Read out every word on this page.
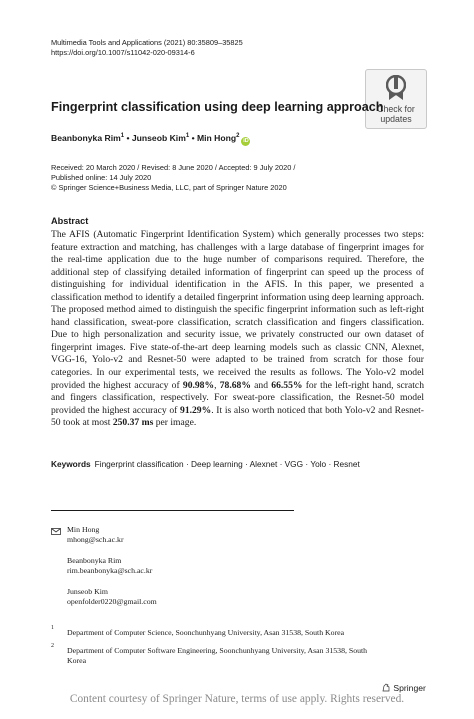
Multimedia Tools and Applications (2021) 80:35809–35825
https://doi.org/10.1007/s11042-020-09314-6
Check for
updates
Fingerprint classification using deep learning approach
Beanbonyka Rim$^1$ • Junseob Kim$^1$ • Min Hong$^2$iD
Received: 20 March 2020 / Revised: 8 June 2020 / Accepted: 9 July 2020 /
Published online: 14 July 2020
© Springer Science+Business Media, LLC, part of Springer Nature 2020
Abstract
The AFIS (Automatic Fingerprint Identification System) which generally processes two steps: feature extraction and matching, has challenges with a large database of fingerprint images for the real-time application due to the huge number of comparisons required. Therefore, the additional step of classifying detailed information of fingerprint can speed up the process of distinguishing for individual identification in the AFIS. In this paper, we presented a classification method to identify a detailed fingerprint information using deep learning approach. The proposed method aimed to distinguish the specific fingerprint information such as left-right hand classification, sweat-pore classification, scratch classification and fingers classification. Due to high personalization and security issue, we privately constructed our own dataset of fingerprint images. Five state-of-the-art deep learning models such as classic CNN, Alexnet, VGG-16, Yolo-v2 and Resnet-50 were adapted to be trained from scratch for those four categories. In our experimental tests, we received the results as follows. The Yolo-v2 model provided the highest accuracy of 90.98%, 78.68% and 66.55% for the left-right hand, scratch and fingers classification, respectively. For sweat-pore classification, the Resnet-50 model provided the highest accuracy of 91.29%. It is also worth noticed that both Yolo-v2 and Resnet-50 took at most 250.37 ms per image.
Keywords Fingerprint classification · Deep learning · Alexnet · VGG · Yolo · Resnet
Min Hong
mhong@sch.ac.kr
Beanbonyka Rim
rim.beanbonyka@sch.ac.kr
Junseob Kim
openfolder0220@gmail.com
1 Department of Computer Science, Soonchunhyang University, Asan 31538, South Korea
2 Department of Computer Software Engineering, Soonchunhyang University, Asan 31538, South
Korea
Springer
Content courtesy of Springer Nature, terms of use apply. Rights reserved.
